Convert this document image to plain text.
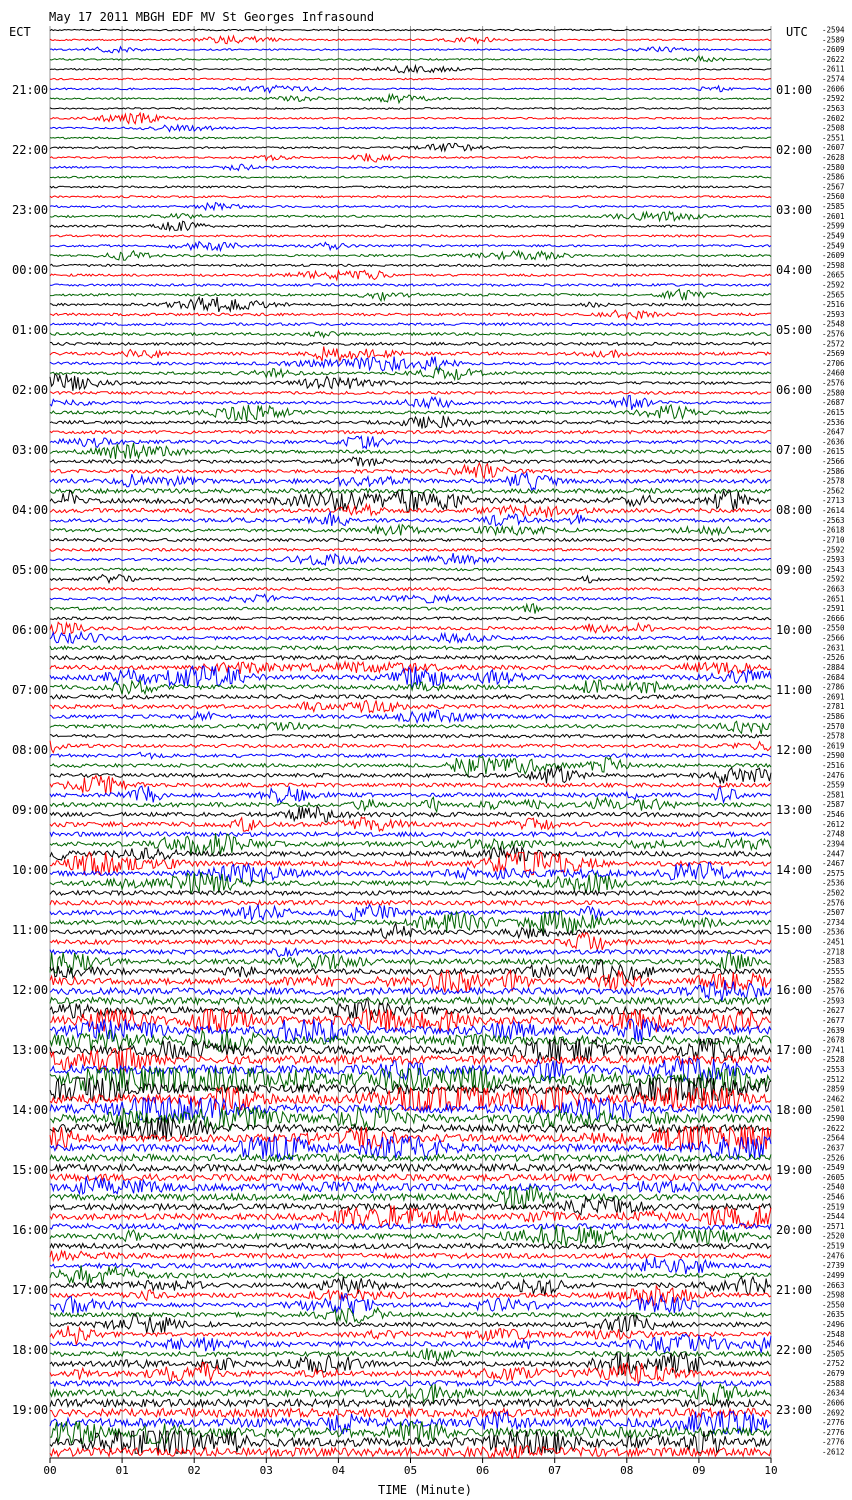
May 17 2011 MBGH EDF MV St Georges Infrasound
ECT	UTC
21:00
22:00
23:00
00:00
01:00
02:00
03:00
04:00
05:00
06:00
07:00
08:00
09:00
10:00
11:00
12:00
13:00
14:00
15:00
16:00
17:00
18:00
19:00
01:00
02:00
03:00
04:00
05:00
06:00
07:00
08:00
09:00
10:00
11:00
12:00
13:00
14:00
15:00
16:00
17:00
18:00
19:00
20:00
21:00
22:00
23:00
-2594
-2589
-2609
-2622
-2611
-2574
-2606
-2592
-2563
-2602
-2508
-2551
-2607
-2628
-2580
-2586
-2567
-2560
-2585
-2601
-2599
-2549
-2549
-2609
-2598
-2665
-2592
-2565
-2516
-2593
-2548
-2576
-2572
-2569
-2706
-2460
-2576
-2580
-2687
-2615
-2536
-2647
-2636
-2615
-2566
-2586
-2578
-2562
-2713
-2614
-2563
-2618
-2710
-2592
-2593
-2543
-2592
-2663
-2651
-2591
-2666
-2550
-2566
-2631
-2526
-2884
-2684
-2786
-2691
-2781
-2586
-2570
-2578
-2619
-2590
-2516
-2476
-2559
-2581
-2587
-2546
-2612
-2748
-2394
-2447
-2467
-2575
-2536
-2502
-2576
-2507
-2734
-2536
-2451
-2718
-2583
-2555
-2582
-2576
-2593
-2627
-2677
-2639
-2678
-2741
-2528
-2553
-2512
-2859
-2462
-2501
-2590
-2622
-2564
-2637
-2526
-2549
-2605
-2540
-2546
-2519
-2544
-2571
-2520
-2519
-2476
-2739
-2499
-2663
-2598
-2550
-2635
-2496
-2548
-2546
-2505
-2752
-2679
-2588
-2634
-2606
-2692
-2776
-2776
-2776
-2612
00	01	02	03	04	05	06	07	08	09	10
TIME (Minute)
